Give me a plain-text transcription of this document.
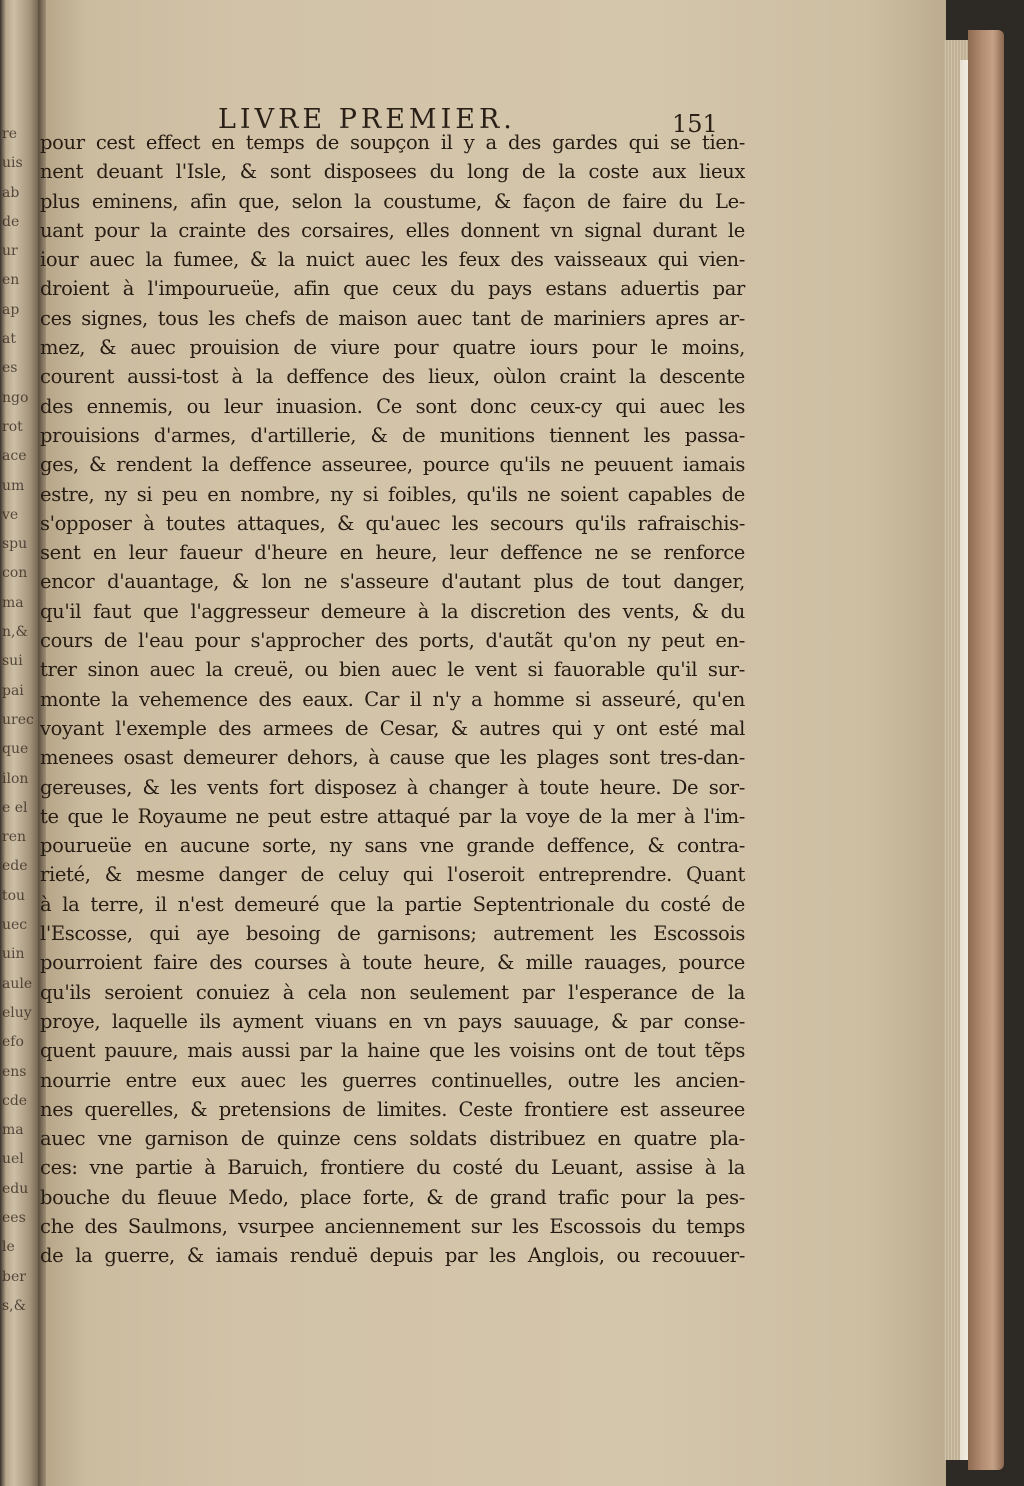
re
uis
ab
de
ur
en
ap
at
es
ngo
rot
ace
um
ve
spu
con
ma
n,&
sui
pai
urec
que
ilon
e el
ren
ede
tou
uec
uin
aule
eluy
efo
ens
cde
ma
uel
edu
ees
le
ber
s,&
LIVRE PREMIER.	151
pour cest effect en temps de soupçon il y a des gardes qui se tien-
nent deuant l'Isle, & sont disposees du long de la coste aux lieux
plus eminens, afin que, selon la coustume, & façon de faire du Le-
uant pour la crainte des corsaires, elles donnent vn signal durant le
iour auec la fumee, & la nuict auec les feux des vaisseaux qui vien-
droient à l'impourueüe, afin que ceux du pays estans aduertis par
ces signes, tous les chefs de maison auec tant de mariniers apres ar-
mez, & auec prouision de viure pour quatre iours pour le moins,
courent aussi-tost à la deffence des lieux, oùlon craint la descente
des ennemis, ou leur inuasion. Ce sont donc ceux-cy qui auec les
prouisions d'armes, d'artillerie, & de munitions tiennent les passa-
ges, & rendent la deffence asseuree, pource qu'ils ne peuuent iamais
estre, ny si peu en nombre, ny si foibles, qu'ils ne soient capables de
s'opposer à toutes attaques, & qu'auec les secours qu'ils rafraischis-
sent en leur faueur d'heure en heure, leur deffence ne se renforce
encor d'auantage, & lon ne s'asseure d'autant plus de tout danger,
qu'il faut que l'aggresseur demeure à la discretion des vents, & du
cours de l'eau pour s'approcher des ports, d'autãt qu'on ny peut en-
trer sinon auec la creuë, ou bien auec le vent si fauorable qu'il sur-
monte la vehemence des eaux. Car il n'y a homme si asseuré, qu'en
voyant l'exemple des armees de Cesar, & autres qui y ont esté mal
menees osast demeurer dehors, à cause que les plages sont tres-dan-
gereuses, & les vents fort disposez à changer à toute heure. De sor-
te que le Royaume ne peut estre attaqué par la voye de la mer à l'im-
pourueüe en aucune sorte, ny sans vne grande deffence, & contra-
rieté, & mesme danger de celuy qui l'oseroit entreprendre. Quant
à la terre, il n'est demeuré que la partie Septentrionale du costé de
l'Escosse, qui aye besoing de garnisons; autrement les Escossois
pourroient faire des courses à toute heure, & mille rauages, pource
qu'ils seroient conuiez à cela non seulement par l'esperance de la
proye, laquelle ils ayment viuans en vn pays sauuage, & par conse-
quent pauure, mais aussi par la haine que les voisins ont de tout tẽps
nourrie entre eux auec les guerres continuelles, outre les ancien-
nes querelles, & pretensions de limites. Ceste frontiere est asseuree
auec vne garnison de quinze cens soldats distribuez en quatre pla-
ces: vne partie à Baruich, frontiere du costé du Leuant, assise à la
bouche du fleuue Medo, place forte, & de grand trafic pour la pes-
che des Saulmons, vsurpee anciennement sur les Escossois du temps
de la guerre, & iamais renduë depuis par les Anglois, ou recouuer-
